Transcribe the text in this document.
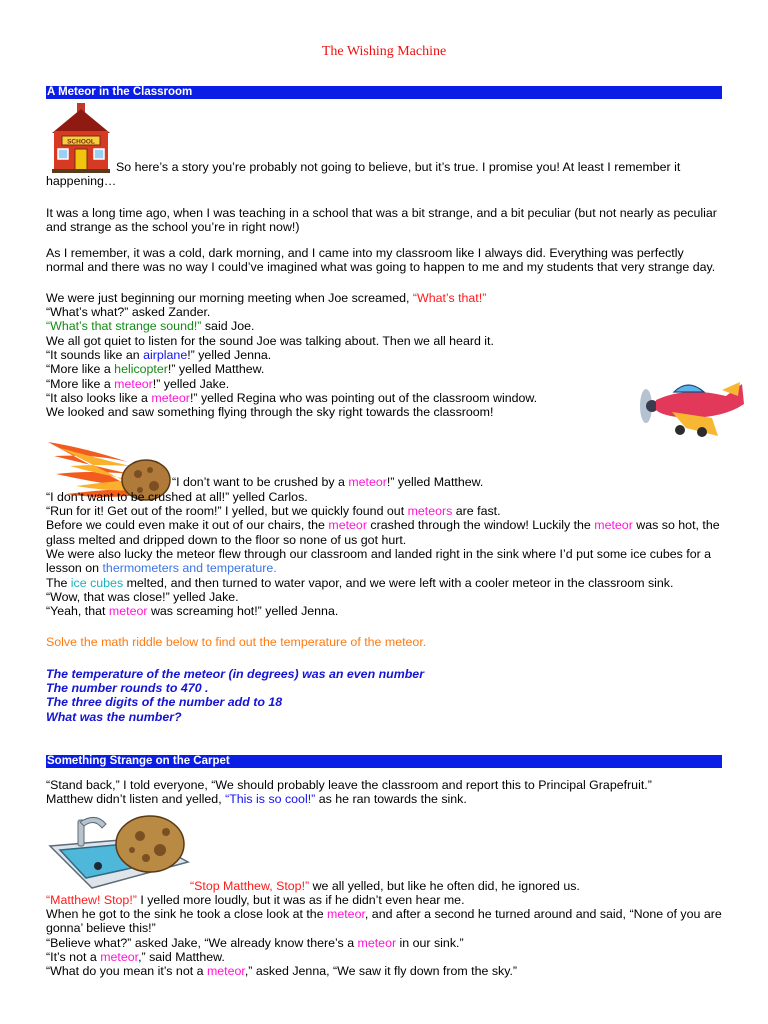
The Wishing Machine
A Meteor in the Classroom
SCHOOL

So here’s a story you’re probably not going to believe, but it’s true. I promise you! At least I remember it

happening…

It was a long time ago, when I was teaching in a school that was a bit strange, and a bit peculiar (but not nearly as peculiar and strange as the school you’re in right now!)

As I remember, it was a cold, dark morning, and I came into my classroom like I always did. Everything was perfectly normal and there was no way I could’ve imagined what was going to happen to me and my students that very strange day.

We were just beginning our morning meeting when Joe screamed, “What’s that!”

“What’s what?” asked Zander.

“What’s that strange sound!” said Joe.

We all got quiet to listen for the sound Joe was talking about. Then we all heard it.

“It sounds like an airplane!” yelled Jenna.

“More like a helicopter!” yelled Matthew.

“More like a meteor!” yelled Jake.

“It also looks like a meteor!” yelled Regina who was pointing out of the classroom window.

We looked and saw something flying through the sky right towards the classroom!

“I don’t want to be crushed by a meteor!” yelled Matthew.

“I don’t want to be crushed at all!” yelled Carlos.

“Run for it! Get out of the room!” I yelled, but we quickly found out meteors are fast.

Before we could even make it out of our chairs, the meteor crashed through the window! Luckily the meteor was so hot, the glass melted and dripped down to the floor so none of us got hurt.

We were also lucky the meteor flew through our classroom and landed right in the sink where I’d put some ice cubes for a lesson on thermometers and temperature.

The ice cubes melted, and then turned to water vapor, and we were left with a cooler meteor in the classroom sink.

“Wow, that was close!” yelled Jake.

“Yeah, that meteor was screaming hot!” yelled Jenna.

Solve the math riddle below to find out the temperature of the meteor.

The temperature of the meteor (in degrees) was an even number

The number rounds to 470 .

The three digits of the number add to 18

What was the number?

Something Strange on the Carpet

“Stand back,” I told everyone, “We should probably leave the classroom and report this to Principal Grapefruit.”

Matthew didn’t listen and yelled, “This is so cool!” as he ran towards the sink.

“Stop Matthew, Stop!” we all yelled, but like he often did, he ignored us.

“Matthew! Stop!” I yelled more loudly, but it was as if he didn’t even hear me.

When he got to the sink he took a close look at the meteor, and after a second he turned around and said, “None of you are gonna’ believe this!”

“Believe what?” asked Jake, “We already know there’s a meteor in our sink.”

“It’s not a meteor,” said Matthew.

“What do you mean it’s not a meteor,” asked Jenna, “We saw it fly down from the sky.”
